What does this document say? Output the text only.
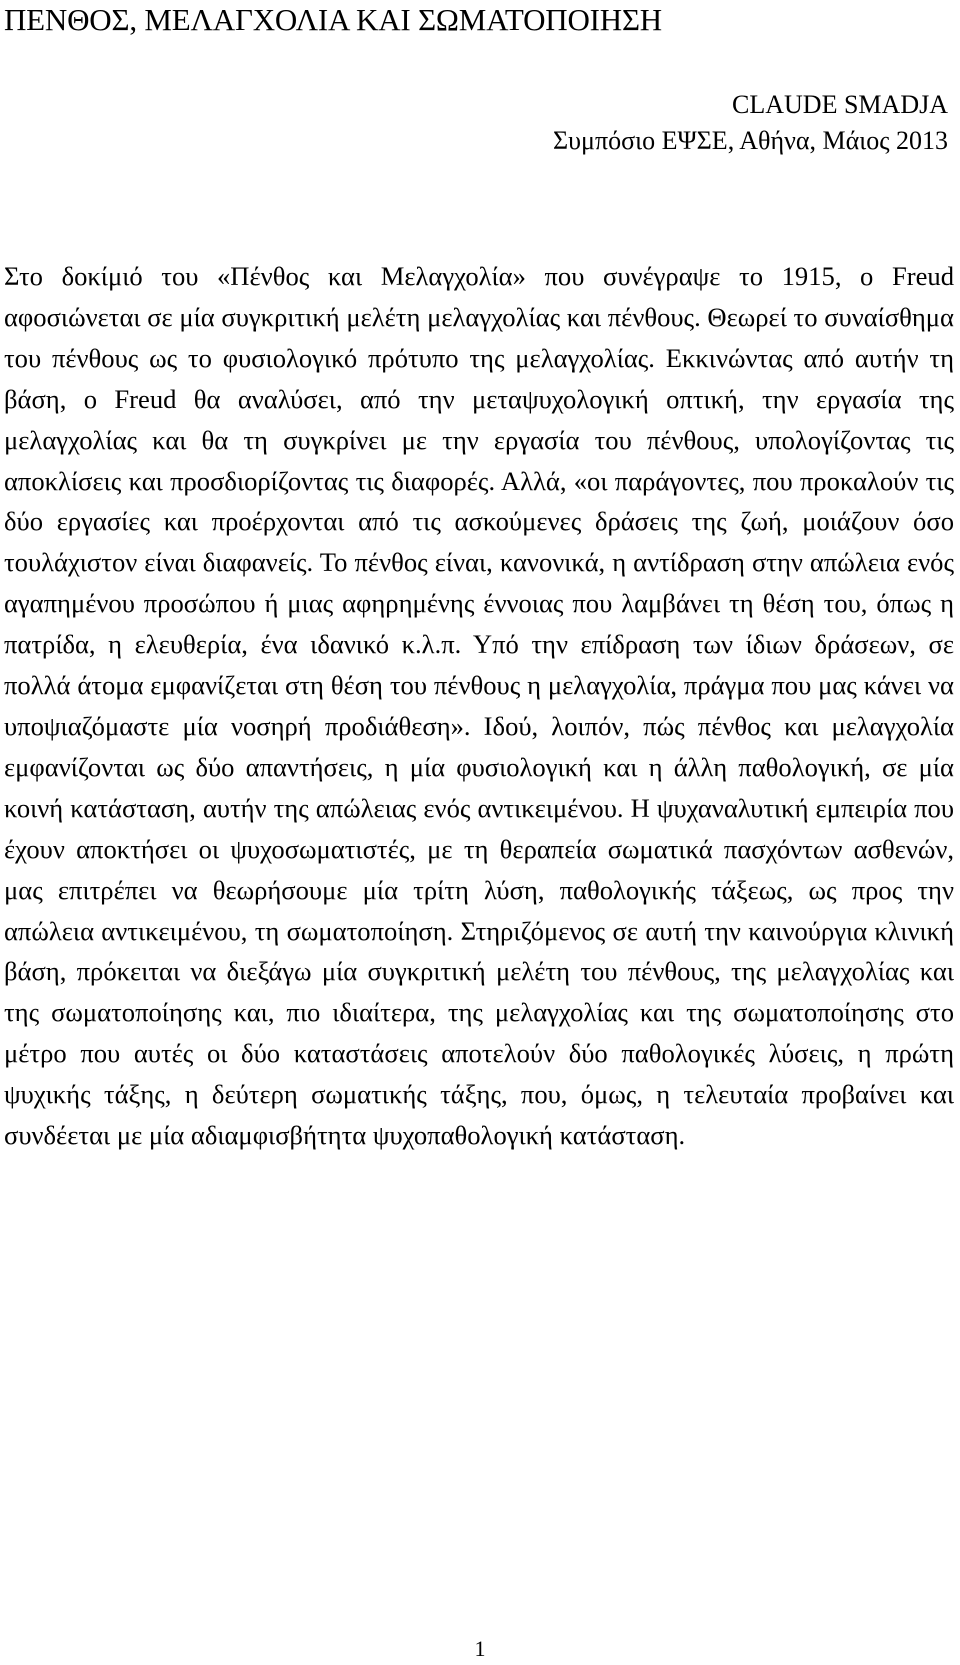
ΠΕΝΘΟΣ, ΜΕΛΑΓΧΟΛΙΑ ΚΑΙ ΣΩΜΑΤΟΠΟΙΗΣΗ
CLAUDE SMADJA
Συμπόσιο ΕΨΣΕ, Αθήνα, Μάιος 2013

Στο δοκίμιό του «Πένθος και Μελαγχολία» που συνέγραψε το 1915, ο Freud αφοσιώνεται σε μία συγκριτική μελέτη μελαγχολίας και πένθους. Θεωρεί το συναίσθημα του πένθους ως το φυσιολογικό πρότυπο της μελαγχολίας. Εκκινώντας από αυτήν τη βάση, ο Freud θα αναλύσει, από την μεταψυχολογική οπτική, την εργασία της μελαγχολίας και θα τη συγκρίνει με την εργασία του πένθους, υπολογίζοντας τις αποκλίσεις και προσδιορίζοντας τις διαφορές. Αλλά, «οι παράγοντες, που προκαλούν τις δύο εργασίες και προέρχονται από τις ασκούμενες δράσεις της ζωή, μοιάζουν όσο τουλάχιστον είναι διαφανείς. Το πένθος είναι, κανονικά, η αντίδραση στην απώλεια ενός αγαπημένου προσώπου ή μιας αφηρημένης έννοιας που λαμβάνει τη θέση του, όπως η πατρίδα, η ελευθερία, ένα ιδανικό κ.λ.π. Υπό την επίδραση των ίδιων δράσεων, σε πολλά άτομα εμφανίζεται στη θέση του πένθους η μελαγχολία, πράγμα που μας κάνει να υποψιαζόμαστε μία νοσηρή προδιάθεση». Ιδού, λοιπόν, πώς πένθος και μελαγχολία εμφανίζονται ως δύο απαντήσεις, η μία φυσιολογική και η άλλη παθολογική, σε μία κοινή κατάσταση, αυτήν της απώλειας ενός αντικειμένου. Η ψυχαναλυτική εμπειρία που έχουν αποκτήσει οι ψυχοσωματιστές, με τη θεραπεία σωματικά πασχόντων ασθενών, μας επιτρέπει να θεωρήσουμε μία τρίτη λύση, παθολογικής τάξεως, ως προς την απώλεια αντικειμένου, τη σωματοποίηση. Στηριζόμενος σε αυτή την καινούργια κλινική βάση, πρόκειται να διεξάγω μία συγκριτική μελέτη του πένθους, της μελαγχολίας και της σωματοποίησης και, πιο ιδιαίτερα, της μελαγχολίας και της σωματοποίησης στο μέτρο που αυτές οι δύο καταστάσεις αποτελούν δύο παθολογικές λύσεις, η πρώτη ψυχικής τάξης, η δεύτερη σωματικής τάξης, που, όμως, η τελευταία προβαίνει και συνδέεται με μία αδιαμφισβήτητα ψυχοπαθολογική κατάσταση.

1
